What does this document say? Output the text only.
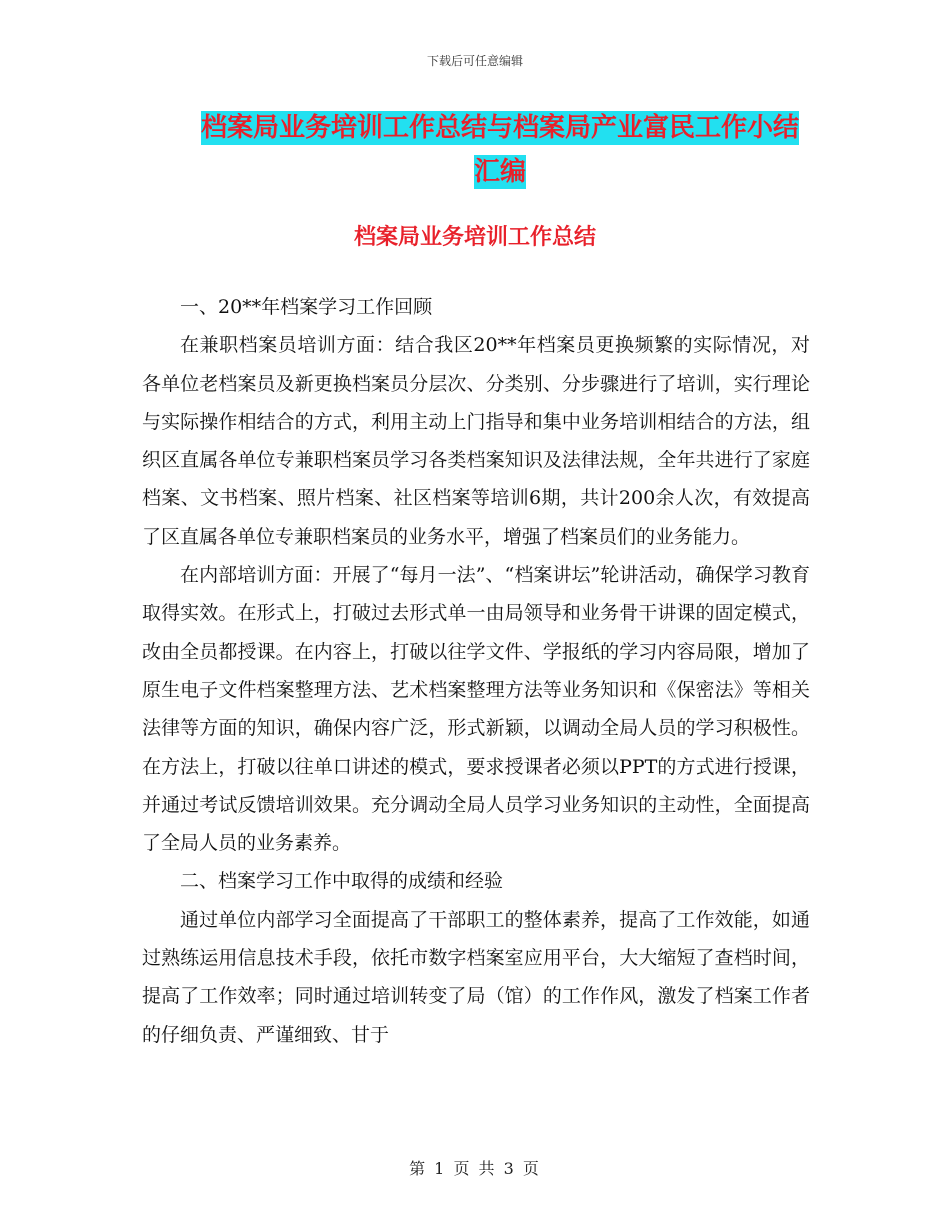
下载后可任意编辑
档案局业务培训工作总结与档案局产业富民工作小结
汇编
档案局业务培训工作总结

一、20**年档案学习工作回顾

在兼职档案员培训方面：结合我区20**年档案员更换频繁的实际情况，对各单位老档案员及新更换档案员分层次、分类别、分步骤进行了培训，实行理论与实际操作相结合的方式，利用主动上门指导和集中业务培训相结合的方法，组织区直属各单位专兼职档案员学习各类档案知识及法律法规，全年共进行了家庭档案、文书档案、照片档案、社区档案等培训6期，共计200余人次，有效提高了区直属各单位专兼职档案员的业务水平，增强了档案员们的业务能力。

在内部培训方面：开展了“每月一法”、“档案讲坛”轮讲活动，确保学习教育取得实效。在形式上，打破过去形式单一由局领导和业务骨干讲课的固定模式，改由全员都授课。在内容上，打破以往学文件、学报纸的学习内容局限，增加了原生电子文件档案整理方法、艺术档案整理方法等业务知识和《保密法》等相关法律等方面的知识，确保内容广泛，形式新颖，以调动全局人员的学习积极性。在方法上，打破以往单口讲述的模式，要求授课者必须以PPT的方式进行授课，并通过考试反馈培训效果。充分调动全局人员学习业务知识的主动性，全面提高了全局人员的业务素养。

二、档案学习工作中取得的成绩和经验

通过单位内部学习全面提高了干部职工的整体素养，提高了工作效能，如通过熟练运用信息技术手段，依托市数字档案室应用平台，大大缩短了查档时间，提高了工作效率；同时通过培训转变了局（馆）的工作作风，激发了档案工作者的仔细负责、严谨细致、甘于

第 1 页 共 3 页
